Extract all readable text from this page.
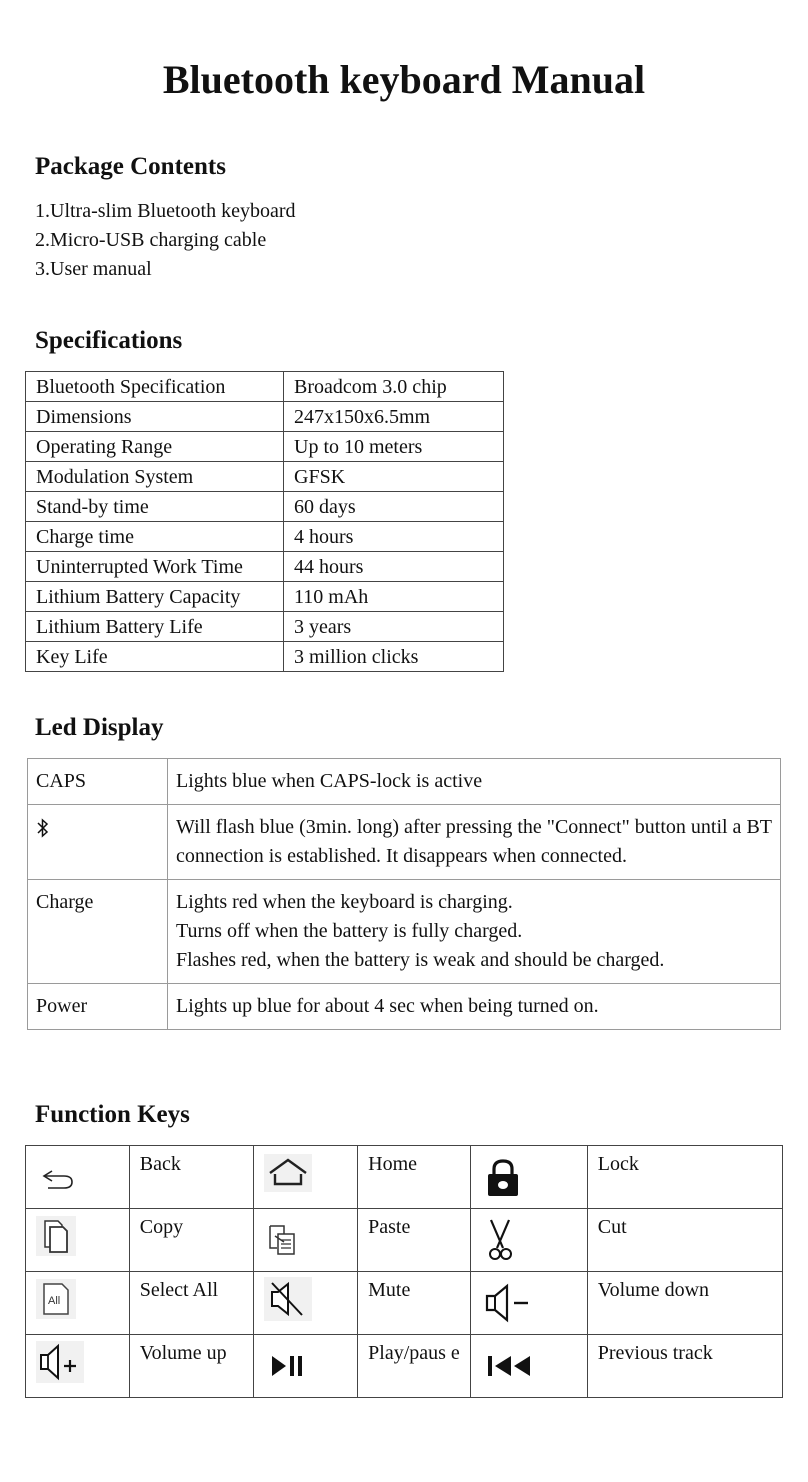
Bluetooth keyboard Manual
Package Contents
1.Ultra-slim Bluetooth keyboard
2.Micro-USB charging cable
3.User manual
Specifications
Bluetooth Specification	Broadcom 3.0 chip
Dimensions	247x150x6.5mm
Operating Range	Up to 10 meters
Modulation System	GFSK
Stand-by time	60 days
Charge time	4 hours
Uninterrupted Work Time	44 hours
Lithium Battery Capacity	110 mAh
Lithium Battery Life	3 years
Key Life	3 million clicks
Led Display
CAPS	Lights blue when CAPS-lock is active
	Will flash blue (3min. long) after pressing the "Connect" button until a BT connection is established. It disappears when connected.
Charge	Lights red when the keyboard is charging.
Turns off when the battery is fully charged.
Flashes red, when the battery is weak and should be charged.

Power	Lights up blue for about 4 sec when being turned on.
Function Keys
	Back		Home		Lock

	Copy		Paste		Cut

All	Select All		Mute		Volume down

	Volume up		Play/paus e		Previous track
